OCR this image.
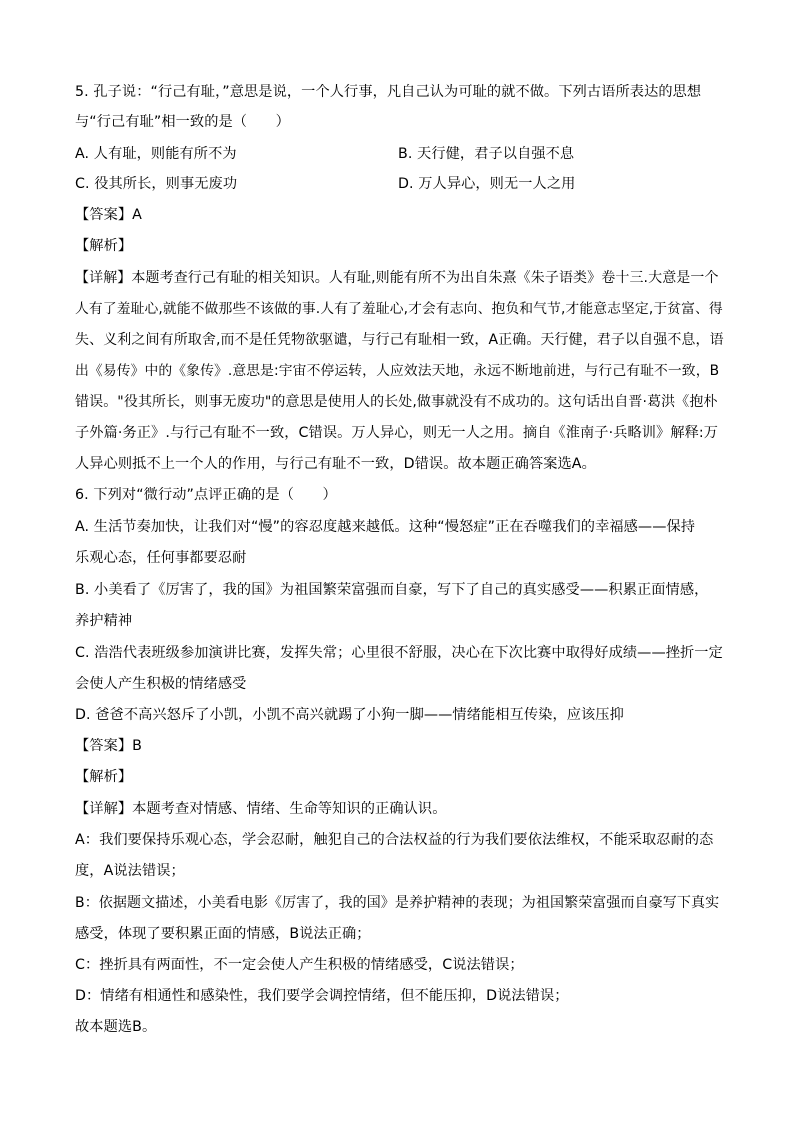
5. 孔子说：“行己有耻，”意思是说，一个人行事，凡自己认为可耻的就不做。下列古语所表达的思想
与“行己有耻”相一致的是（　　）
A. 人有耻，则能有所不为	B. 天行健，君子以自强不息
C. 役其所长，则事无废功	D. 万人异心，则无一人之用
【答案】A
【解析】
【详解】本题考查行己有耻的相关知识。人有耻,则能有所不为出自朱熹《朱子语类》卷十三.大意是一个
人有了羞耻心,就能不做那些不该做的事.人有了羞耻心,才会有志向、抱负和气节,才能意志坚定,于贫富、得
失、义利之间有所取舍,而不是任凭物欲驱谴，与行己有耻相一致，A正确。天行健，君子以自强不息，语
出《易传》中的《象传》.意思是:宇宙不停运转，人应效法天地，永远不断地前进，与行己有耻不一致，B
错误。"役其所长，则事无废功"的意思是使用人的长处,做事就没有不成功的。这句话出自晋·葛洪《抱朴
子外篇·务正》.与行己有耻不一致，C错误。万人异心，则无一人之用。摘自《淮南子·兵略训》解释:万
人异心则抵不上一个人的作用，与行己有耻不一致，D错误。故本题正确答案选A。
6. 下列对“微行动”点评正确的是（　　）
A. 生活节奏加快，让我们对“慢”的容忍度越来越低。这种“慢怒症”正在吞噬我们的幸福感——保持
乐观心态，任何事都要忍耐
B. 小美看了《厉害了，我的国》为祖国繁荣富强而自豪，写下了自己的真实感受——积累正面情感，
养护精神
C. 浩浩代表班级参加演讲比赛，发挥失常；心里很不舒服，决心在下次比赛中取得好成绩——挫折一定
会使人产生积极的情绪感受
D. 爸爸不高兴怒斥了小凯，小凯不高兴就踢了小狗一脚——情绪能相互传染，应该压抑
【答案】B
【解析】
【详解】本题考查对情感、情绪、生命等知识的正确认识。
A：我们要保持乐观心态，学会忍耐，触犯自己的合法权益的行为我们要依法维权，不能采取忍耐的态
度，A说法错误；
B：依据题文描述，小美看电影《厉害了，我的国》是养护精神的表现；为祖国繁荣富强而自豪写下真实
感受，体现了要积累正面的情感，B说法正确；
C：挫折具有两面性，不一定会使人产生积极的情绪感受，C说法错误；
D：情绪有相通性和感染性，我们要学会调控情绪，但不能压抑，D说法错误；
故本题选B。
